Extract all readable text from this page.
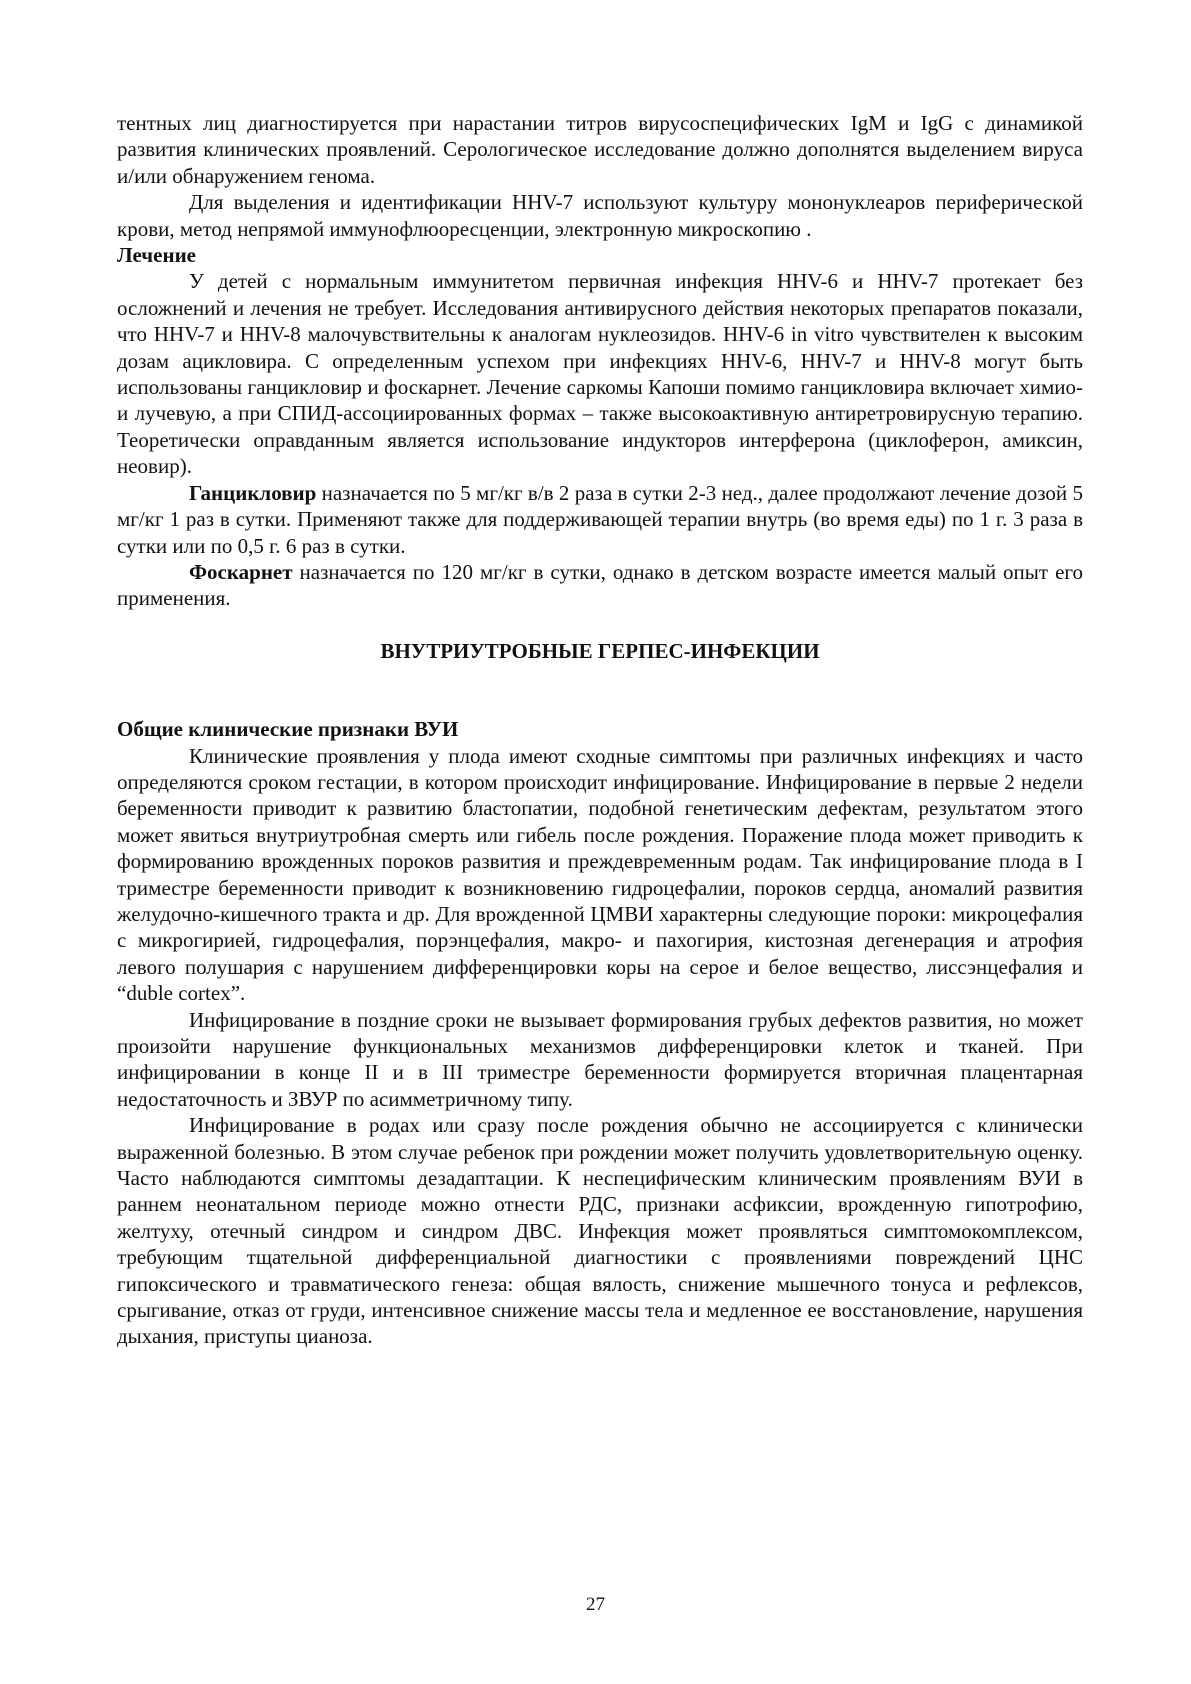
тентных лиц диагностируется при нарастании титров вирусоспецифических IgM и IgG с динамикой развития клинических проявлений. Серологическое исследование должно дополнятся выделением вируса и/или обнаружением генома.

Для выделения и идентификации HHV-7 используют культуру мононуклеаров периферической крови, метод непрямой иммунофлюоресценции, электронную микроскопию .

Лечение

У детей с нормальным иммунитетом первичная инфекция HHV-6 и HHV-7 протекает без осложнений и лечения не требует. Исследования антивирусного действия некоторых препаратов показали, что HHV-7 и HHV-8 малочувствительны к аналогам нуклеозидов. HHV-6 in vitro чувствителен к высоким дозам ацикловира. С определенным успехом при инфекциях HHV-6, HHV-7 и HHV-8 могут быть использованы ганцикловир и фоскарнет. Лечение саркомы Капоши помимо ганцикловира включает химио- и лучевую, а при СПИД-ассоциированных формах – также высокоактивную антиретровирусную терапию. Теоретически оправданным является использование индукторов интерферона (циклоферон, амиксин, неовир).

Ганцикловир назначается по 5 мг/кг в/в 2 раза в сутки 2-3 нед., далее продолжают лечение дозой 5 мг/кг 1 раз в сутки. Применяют также для поддерживающей терапии внутрь (во время еды) по 1 г. 3 раза в сутки или по 0,5 г. 6 раз в сутки.

Фоскарнет назначается по 120 мг/кг в сутки, однако в детском возрасте имеется малый опыт его применения.

ВНУТРИУТРОБНЫЕ ГЕРПЕС-ИНФЕКЦИИ

Общие клинические признаки ВУИ

Клинические проявления у плода имеют сходные симптомы при различных инфекциях и часто определяются сроком гестации, в котором происходит инфицирование. Инфицирование в первые 2 недели беременности приводит к развитию бластопатии, подобной генетическим дефектам, результатом этого может явиться внутриутробная смерть или гибель после рождения. Поражение плода может приводить к формированию врожденных пороков развития и преждевременным родам. Так инфицирование плода в I триместре беременности приводит к возникновению гидроцефалии, пороков сердца, аномалий развития желудочно-кишечного тракта и др. Для врожденной ЦМВИ характерны следующие пороки: микроцефалия с микрогирией, гидроцефалия, порэнцефалия, макро- и пахогирия, кистозная дегенерация и атрофия левого полушария с нарушением дифференцировки коры на серое и белое вещество, лиссэнцефалия и “duble cortex”.

Инфицирование в поздние сроки не вызывает формирования грубых дефектов развития, но может произойти нарушение функциональных механизмов дифференцировки клеток и тканей. При инфицировании в конце II и в III триместре беременности формируется вторичная плацентарная недостаточность и ЗВУР по асимметричному типу.

Инфицирование в родах или сразу после рождения обычно не ассоциируется с клинически выраженной болезнью. В этом случае ребенок при рождении может получить удовлетворительную оценку. Часто наблюдаются симптомы дезадаптации. К неспецифическим клиническим проявлениям ВУИ в раннем неонатальном периоде можно отнести РДС, признаки асфиксии, врожденную гипотрофию, желтуху, отечный синдром и синдром ДВС. Инфекция может проявляться симптомокомплексом, требующим тщательной дифференциальной диагностики с проявлениями повреждений ЦНС гипоксического и травматического генеза: общая вялость, снижение мышечного тонуса и рефлексов, срыгивание, отказ от груди, интенсивное снижение массы тела и медленное ее восстановление, нарушения дыхания, приступы цианоза.

27
